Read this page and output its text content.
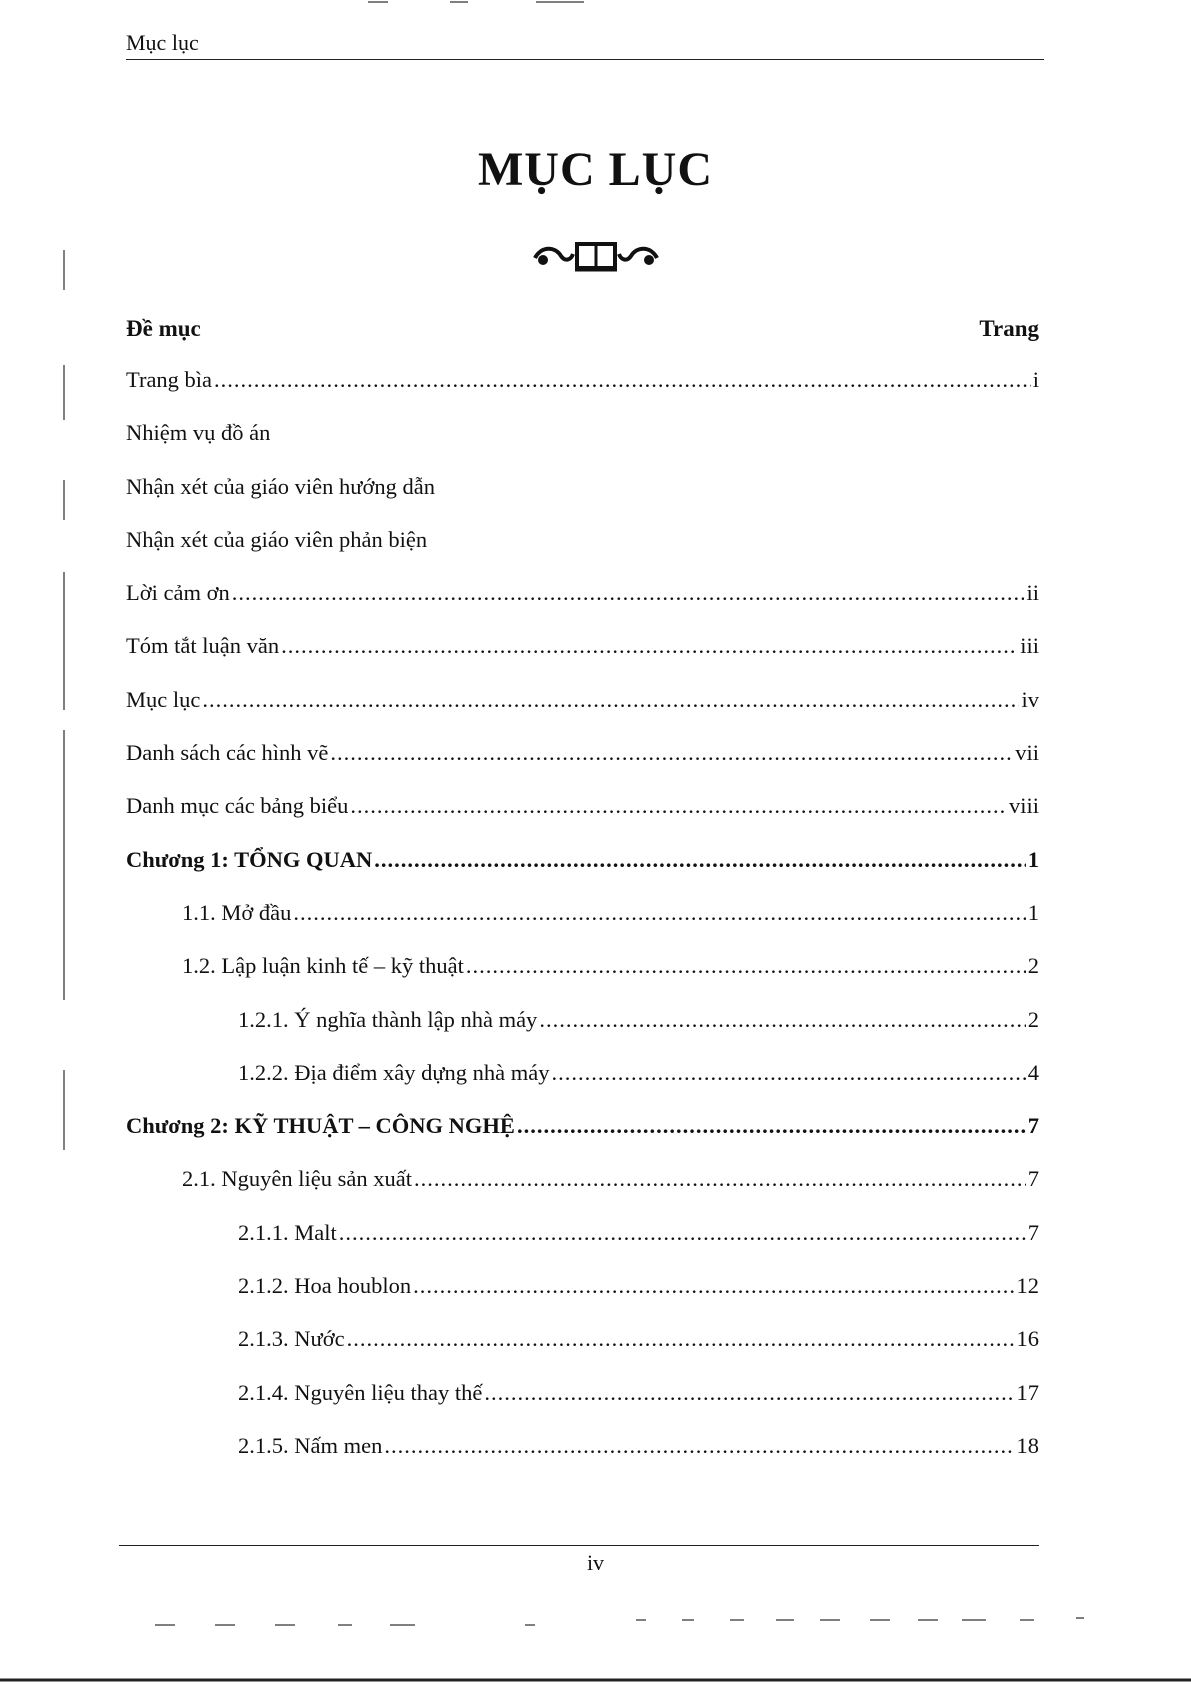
Mục lục
MỤC LỤC
Đề mục	Trang
Trang bìa .....	i
Nhiệm vụ đồ án
Nhận xét của giáo viên hướng dẫn
Nhận xét của giáo viên phản biện
Lời cảm ơn .....	ii
Tóm tắt luận văn .....	iii
Mục lục .....	iv
Danh sách các hình vẽ .....	vii
Danh mục các bảng biểu .....	viii
Chương 1: TỔNG QUAN .....	1
1.1. Mở đầu .....	1
1.2. Lập luận kinh tế – kỹ thuật .....	2
1.2.1. Ý nghĩa thành lập nhà máy .....	2
1.2.2. Địa điểm xây dựng nhà máy .....	4
Chương 2: KỸ THUẬT – CÔNG NGHỆ .....	7
2.1. Nguyên liệu sản xuất .....	7
2.1.1. Malt .....	7
2.1.2. Hoa houblon .....	12
2.1.3. Nước .....	16
2.1.4. Nguyên liệu thay thế .....	17
2.1.5. Nấm men .....	18
iv
